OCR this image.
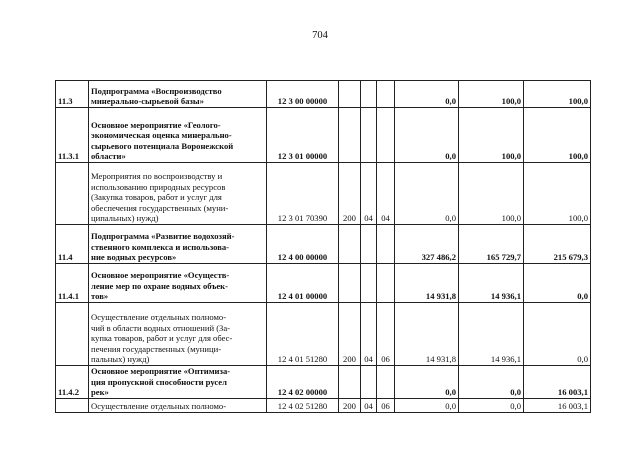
704
11.3	Подпрограмма «Воспроизводство
минерально-сырьевой базы»	12 3 00 00000				0,0	100,0	100,0
11.3.1	Основное мероприятие «Геолого-
экономическая оценка минерально-
сырьевого потенциала Воронежской
области»	12 3 01 00000				0,0	100,0	100,0

	Мероприятия по воспроизводству и
использованию природных ресурсов
(Закупка товаров, работ и услуг для
обеспечения государственных (муни-
ципальных) нужд)	12 3 01 70390	200	04	04	0,0	100,0	100,0
11.4	Подпрограмма «Развитие водохозяй-
ственного комплекса и использова-
ние водных ресурсов»	12 4 00 00000				327 486,2	165 729,7	215 679,3
11.4.1	Основное мероприятие «Осуществ-
ление мер по охране водных объек-
тов»	12 4 01 00000				14 931,8	14 936,1	0,0

	Осуществление отдельных полномо-
чий в области водных отношений (За-
купка товаров, работ и услуг для обес-
печения государственных (муници-
пальных) нужд)	12 4 01 51280	200	04	06	14 931,8	14 936,1	0,0
11.4.2	Основное мероприятие «Оптимиза-
ция пропускной способности русел
рек»	12 4 02 00000				0,0	0,0	16 003,1

	Осуществление отдельных полномо-	12 4 02 51280	200	04	06	0,0	0,0	16 003,1
